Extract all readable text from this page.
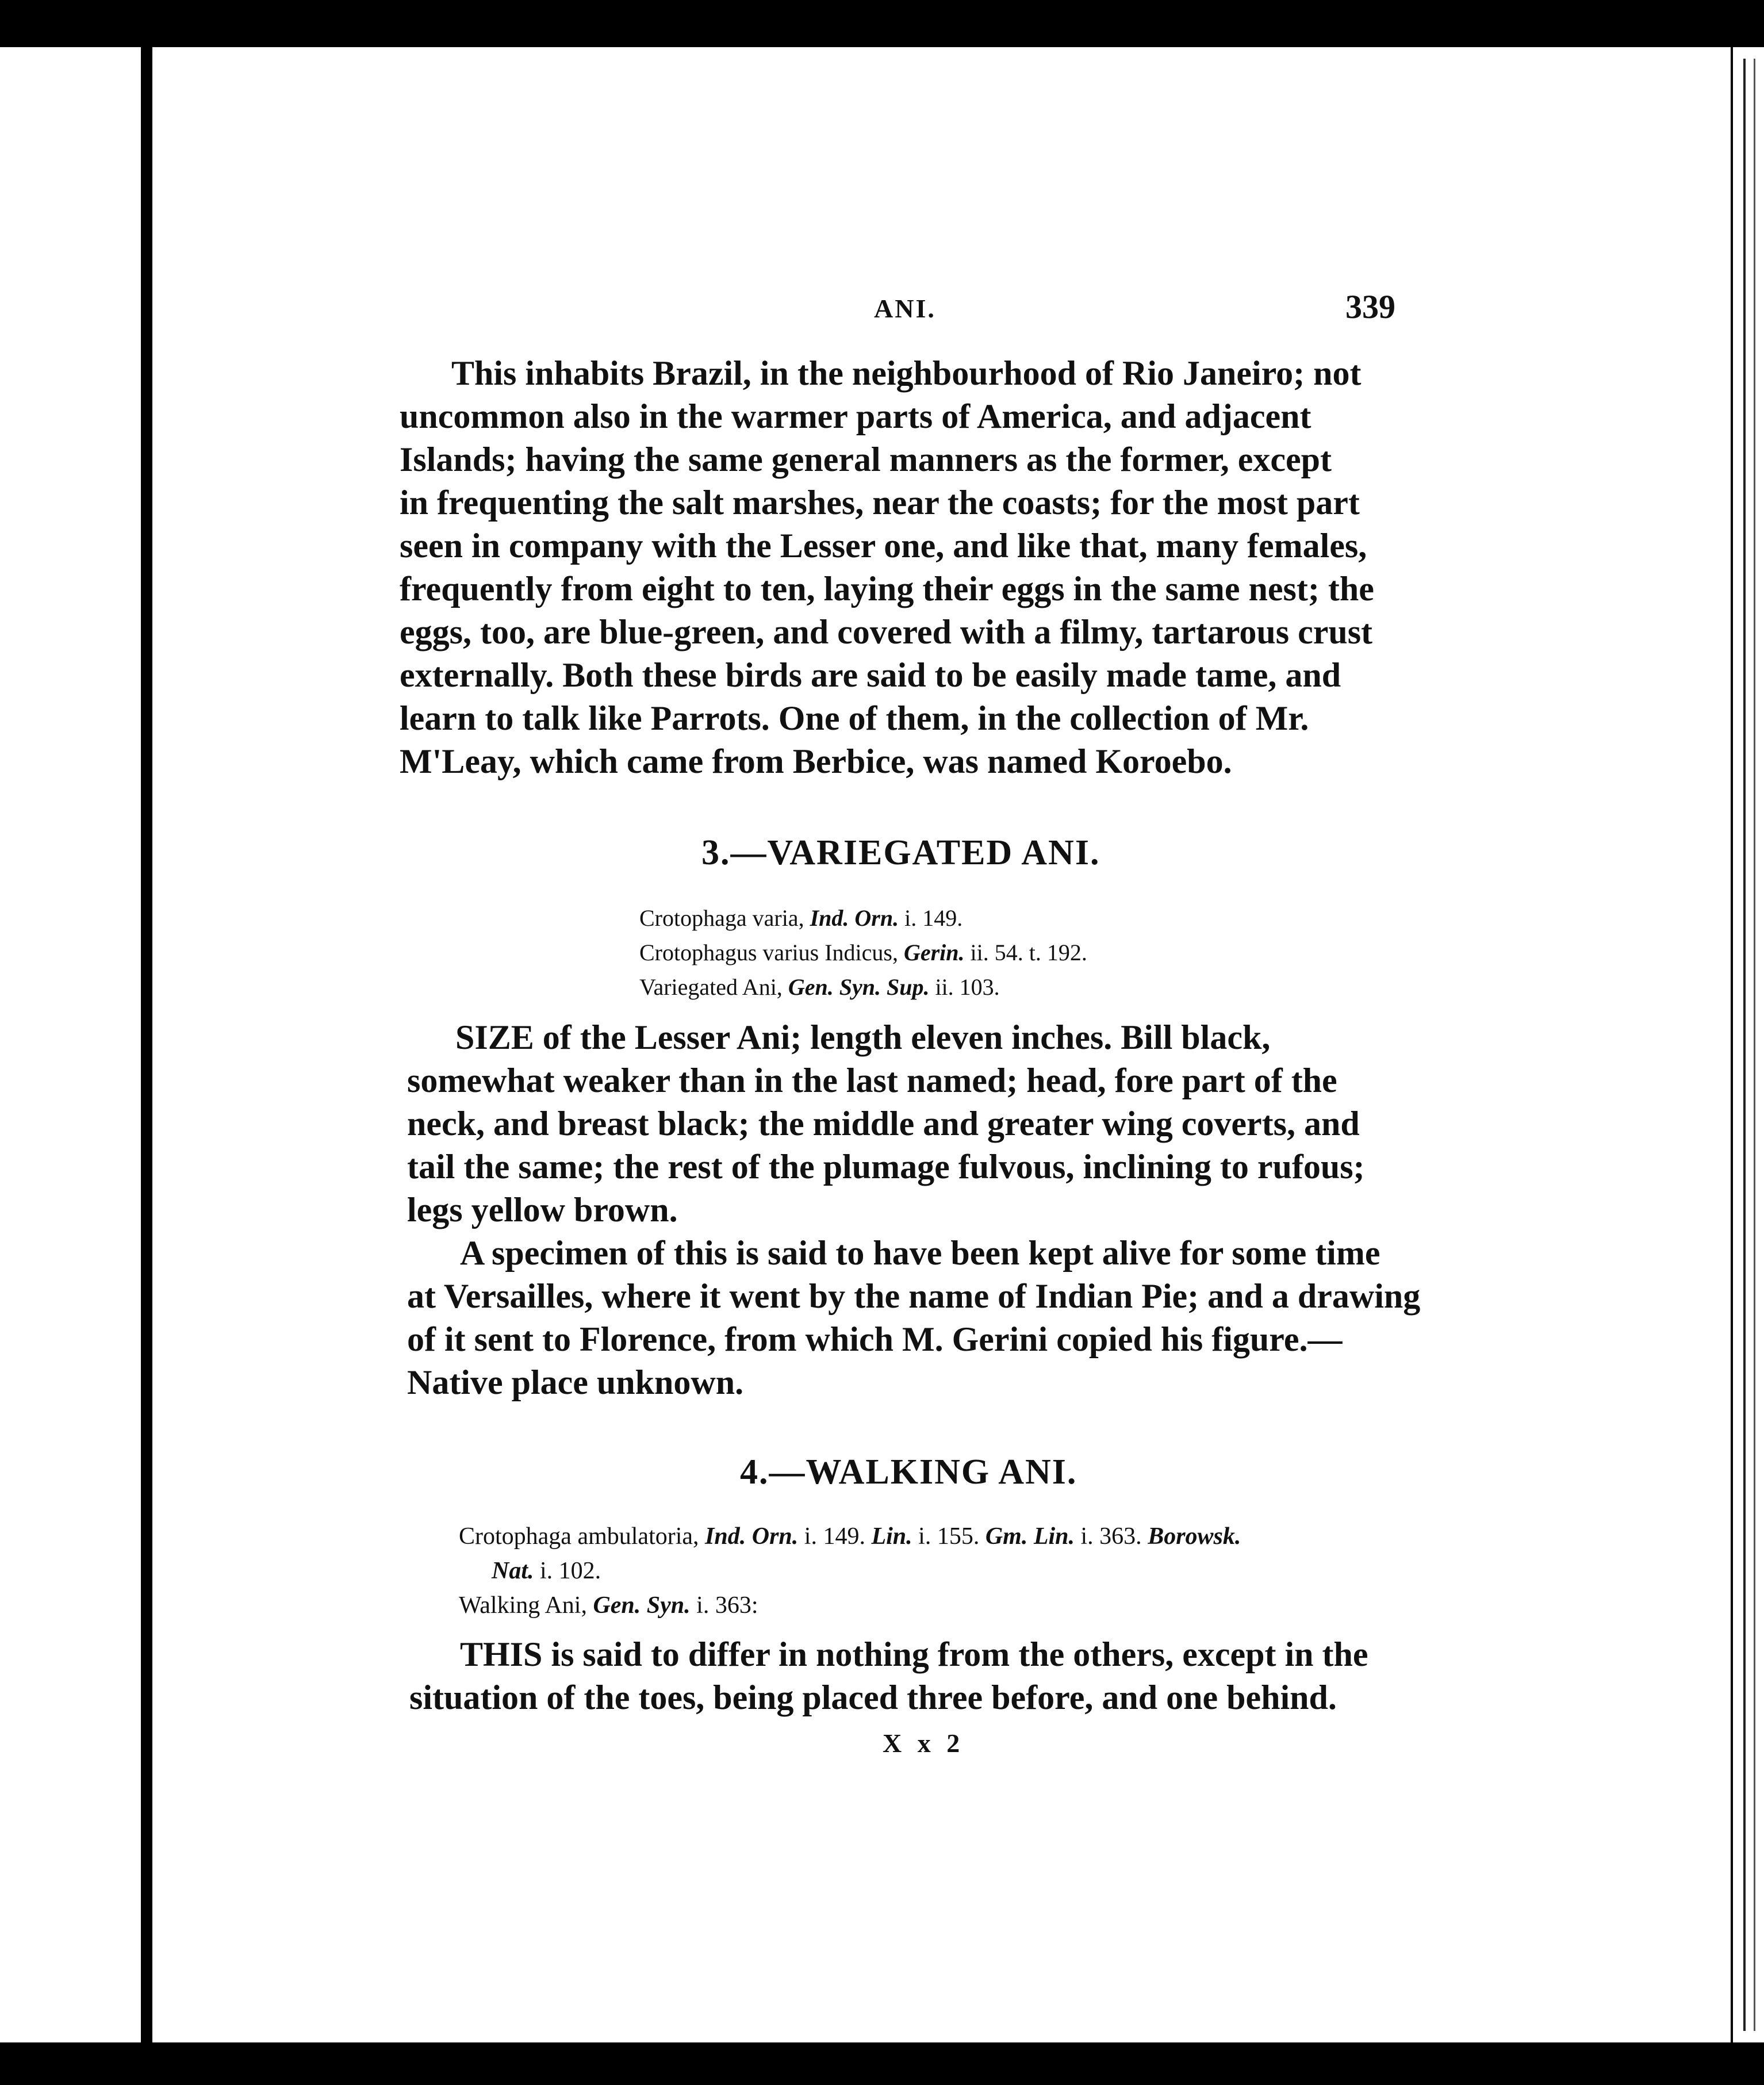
ANI.	339

This inhabits Brazil, in the neighbourhood of Rio Janeiro; not

uncommon also in the warmer parts of America, and adjacent

Islands; having the same general manners as the former, except

in frequenting the salt marshes, near the coasts; for the most part

seen in company with the Lesser one, and like that, many females,

frequently from eight to ten, laying their eggs in the same nest; the

eggs, too, are blue-green, and covered with a filmy, tartarous crust

externally. Both these birds are said to be easily made tame, and

learn to talk like Parrots. One of them, in the collection of Mr.

M'Leay, which came from Berbice, was named Koroebo.

3.—VARIEGATED ANI.

Crotophaga varia, Ind. Orn. i. 149.

Crotophagus varius Indicus, Gerin. ii. 54. t. 192.

Variegated Ani, Gen. Syn. Sup. ii. 103.

SIZE of the Lesser Ani; length eleven inches. Bill black,

somewhat weaker than in the last named; head, fore part of the

neck, and breast black; the middle and greater wing coverts, and

tail the same; the rest of the plumage fulvous, inclining to rufous;

legs yellow brown.

A specimen of this is said to have been kept alive for some time

at Versailles, where it went by the name of Indian Pie; and a drawing

of it sent to Florence, from which M. Gerini copied his figure.—

Native place unknown.

4.—WALKING ANI.

Crotophaga ambulatoria, Ind. Orn. i. 149. Lin. i. 155. Gm. Lin. i. 363. Borowsk.

Nat. i. 102.

Walking Ani, Gen. Syn. i. 363:

THIS is said to differ in nothing from the others, except in the

situation of the toes, being placed three before, and one behind.

X x 2
